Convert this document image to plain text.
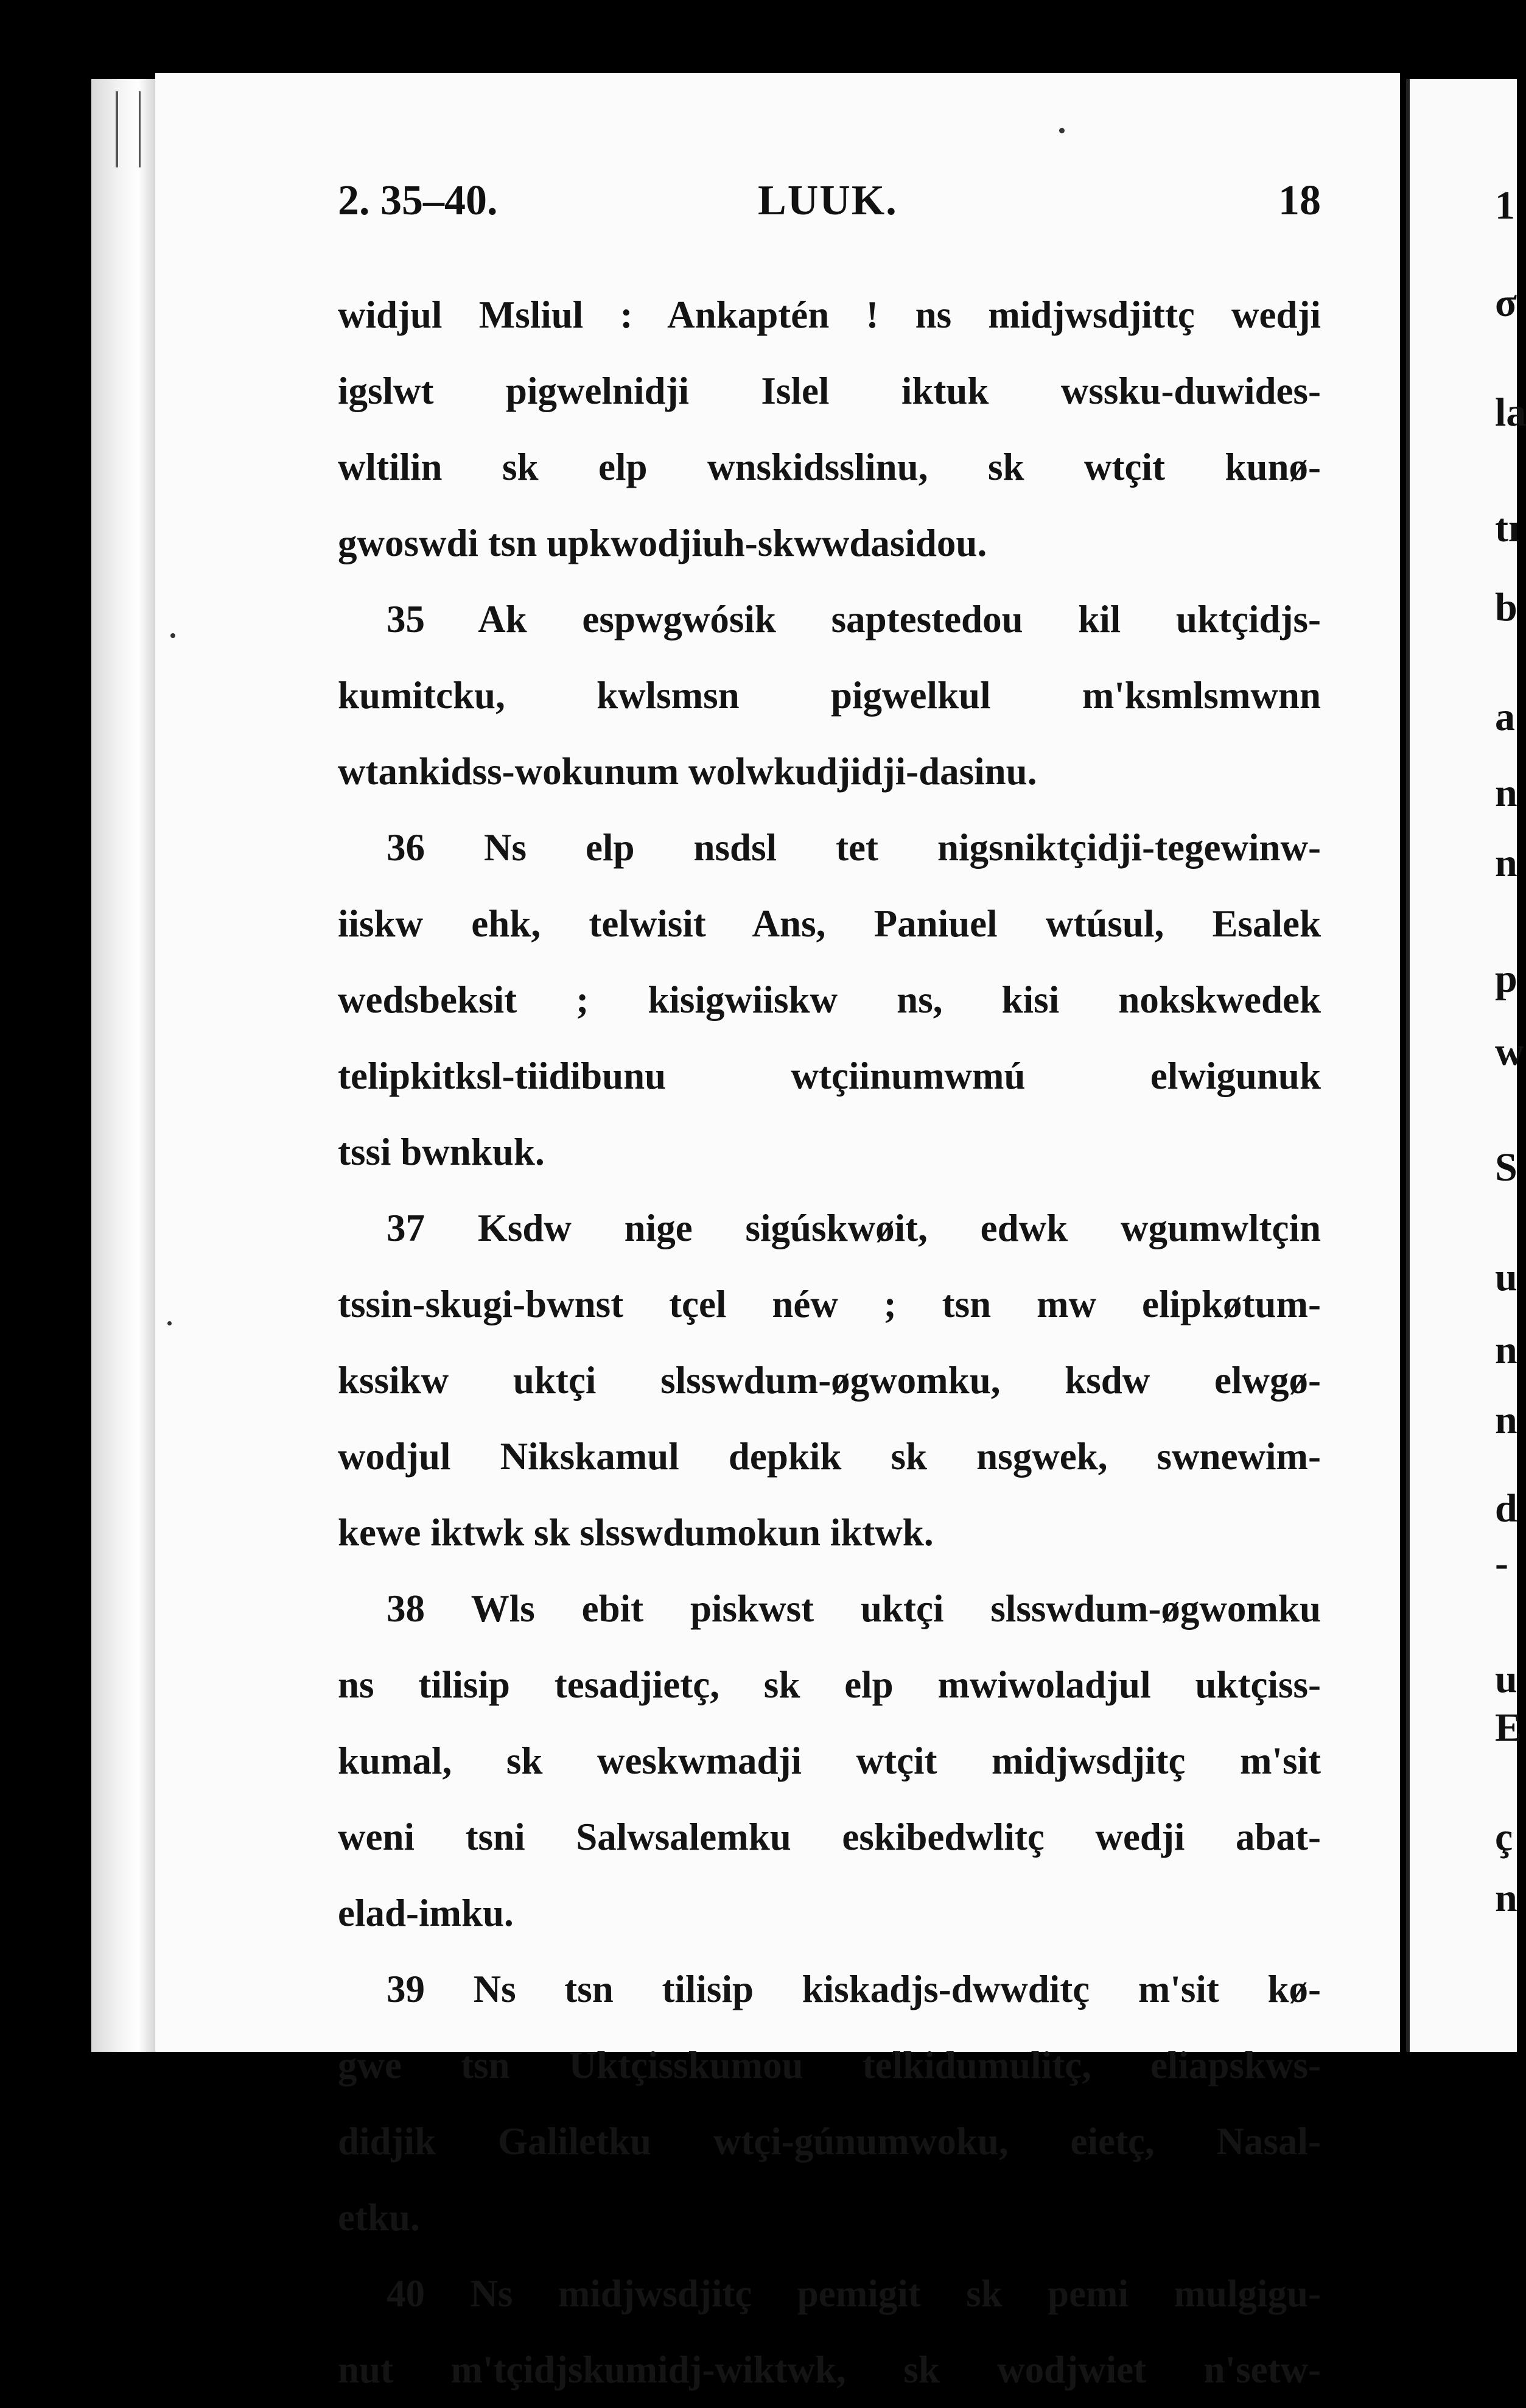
1
σ
la
tı
b
a
n
n
p
w
S
u
n
n
d
-
u
E
ç
n
2. 35–40.	LUUK.	18
widjul Msliul : Ankaptén ! ns midjwsdjittç wedji
igslwt pigwelnidji Islel iktuk wssku-duwides-
wltilin sk elp wnskidsslinu, sk wtçit kunø-
gwoswdi tsn upkwodjiuh-skwwdasidou.
35 Ak espwgwósik saptestedou kil uktçidjs-
kumitcku, kwlsmsn pigwelkul m'ksmlsmwnn
wtankidss-wokunum wolwkudjidji-dasinu.
36 Ns elp nsdsl tet nigsniktçidji-tegewinw-
iiskw ehk, telwisit Ans, Paniuel wtúsul, Esalek
wedsbeksit ; kisigwiiskw ns, kisi nokskwedek
telipkitksl-tiidibunu wtçiinumwmú elwigunuk
tssi bwnkuk.
37 Ksdw nige sigúskwøit, edwk wgumwltçin
tssin-skugi-bwnst tçel néw ; tsn mw elipkøtum-
kssikw uktçi slsswdum-øgwomku, ksdw elwgø-
wodjul Nikskamul depkik sk nsgwek, swnewim-
kewe iktwk sk slsswdumokun iktwk.
38 Wls ebit piskwst uktçi slsswdum-øgwomku
ns tilisip tesadjietç, sk elp mwiwoladjul uktçiss-
kumal, sk weskwmadji wtçit midjwsdjitç m'sit
weni tsni Salwsalemku eskibedwlitç wedji abat-
elad-imku.
39 Ns tsn tilisip kiskadjs-dwwditç m'sit kø-
gwe tsn Uktçisskumou telkidumulitç, eliapskws-
didjik Galiletku wtçi-gúnumwoku, eietç, Nasal-
etku.
40 Ns midjwsdjitç pemigit sk pemi mulgigu-
nut m'tçidjskumidj-wiktwk, sk wodjwiet n'setw-
